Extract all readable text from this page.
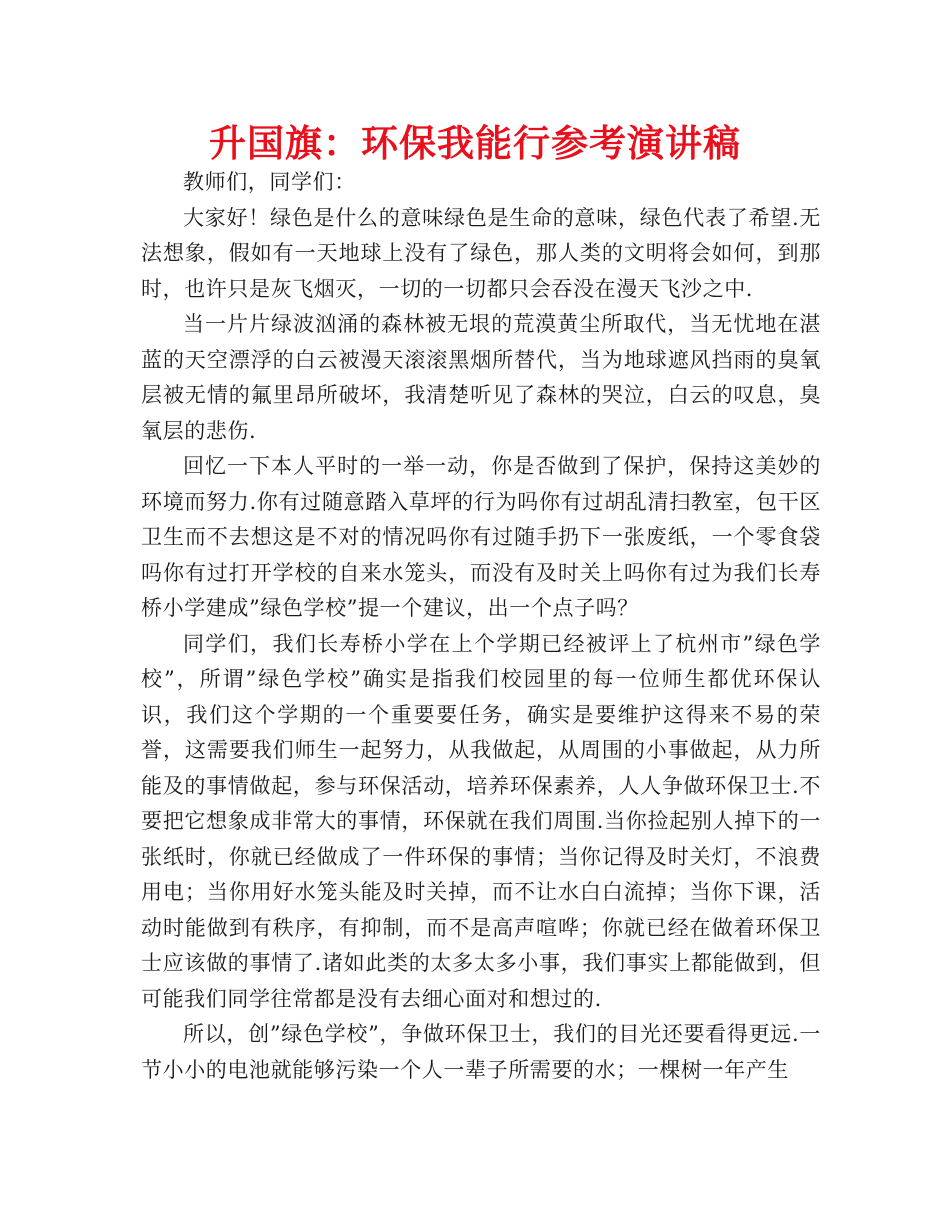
升国旗：环保我能行参考演讲稿

教师们，同学们：

大家好！绿色是什么的意味绿色是生命的意味，绿色代表了希望.无法想象，假如有一天地球上没有了绿色，那人类的文明将会如何，到那时，也许只是灰飞烟灭，一切的一切都只会吞没在漫天飞沙之中.

当一片片绿波汹涌的森林被无垠的荒漠黄尘所取代，当无忧地在湛蓝的天空漂浮的白云被漫天滚滚黑烟所替代，当为地球遮风挡雨的臭氧层被无情的氟里昂所破坏，我清楚听见了森林的哭泣，白云的叹息，臭氧层的悲伤.

回忆一下本人平时的一举一动，你是否做到了保护，保持这美妙的环境而努力.你有过随意踏入草坪的行为吗你有过胡乱清扫教室，包干区卫生而不去想这是不对的情况吗你有过随手扔下一张废纸，一个零食袋吗你有过打开学校的自来水笼头，而没有及时关上吗你有过为我们长寿桥小学建成”绿色学校”提一个建议，出一个点子吗？

同学们，我们长寿桥小学在上个学期已经被评上了杭州市”绿色学校”，所谓”绿色学校”确实是指我们校园里的每一位师生都优环保认识，我们这个学期的一个重要要任务，确实是要维护这得来不易的荣誉，这需要我们师生一起努力，从我做起，从周围的小事做起，从力所能及的事情做起，参与环保活动，培养环保素养，人人争做环保卫士.不要把它想象成非常大的事情，环保就在我们周围.当你捡起别人掉下的一张纸时，你就已经做成了一件环保的事情；当你记得及时关灯，不浪费用电；当你用好水笼头能及时关掉，而不让水白白流掉；当你下课，活动时能做到有秩序，有抑制，而不是高声喧哗；你就已经在做着环保卫士应该做的事情了.诸如此类的太多太多小事，我们事实上都能做到，但可能我们同学往常都是没有去细心面对和想过的.

所以，创”绿色学校”，争做环保卫士，我们的目光还要看得更远.一节小小的电池就能够污染一个人一辈子所需要的水；一棵树一年产生
